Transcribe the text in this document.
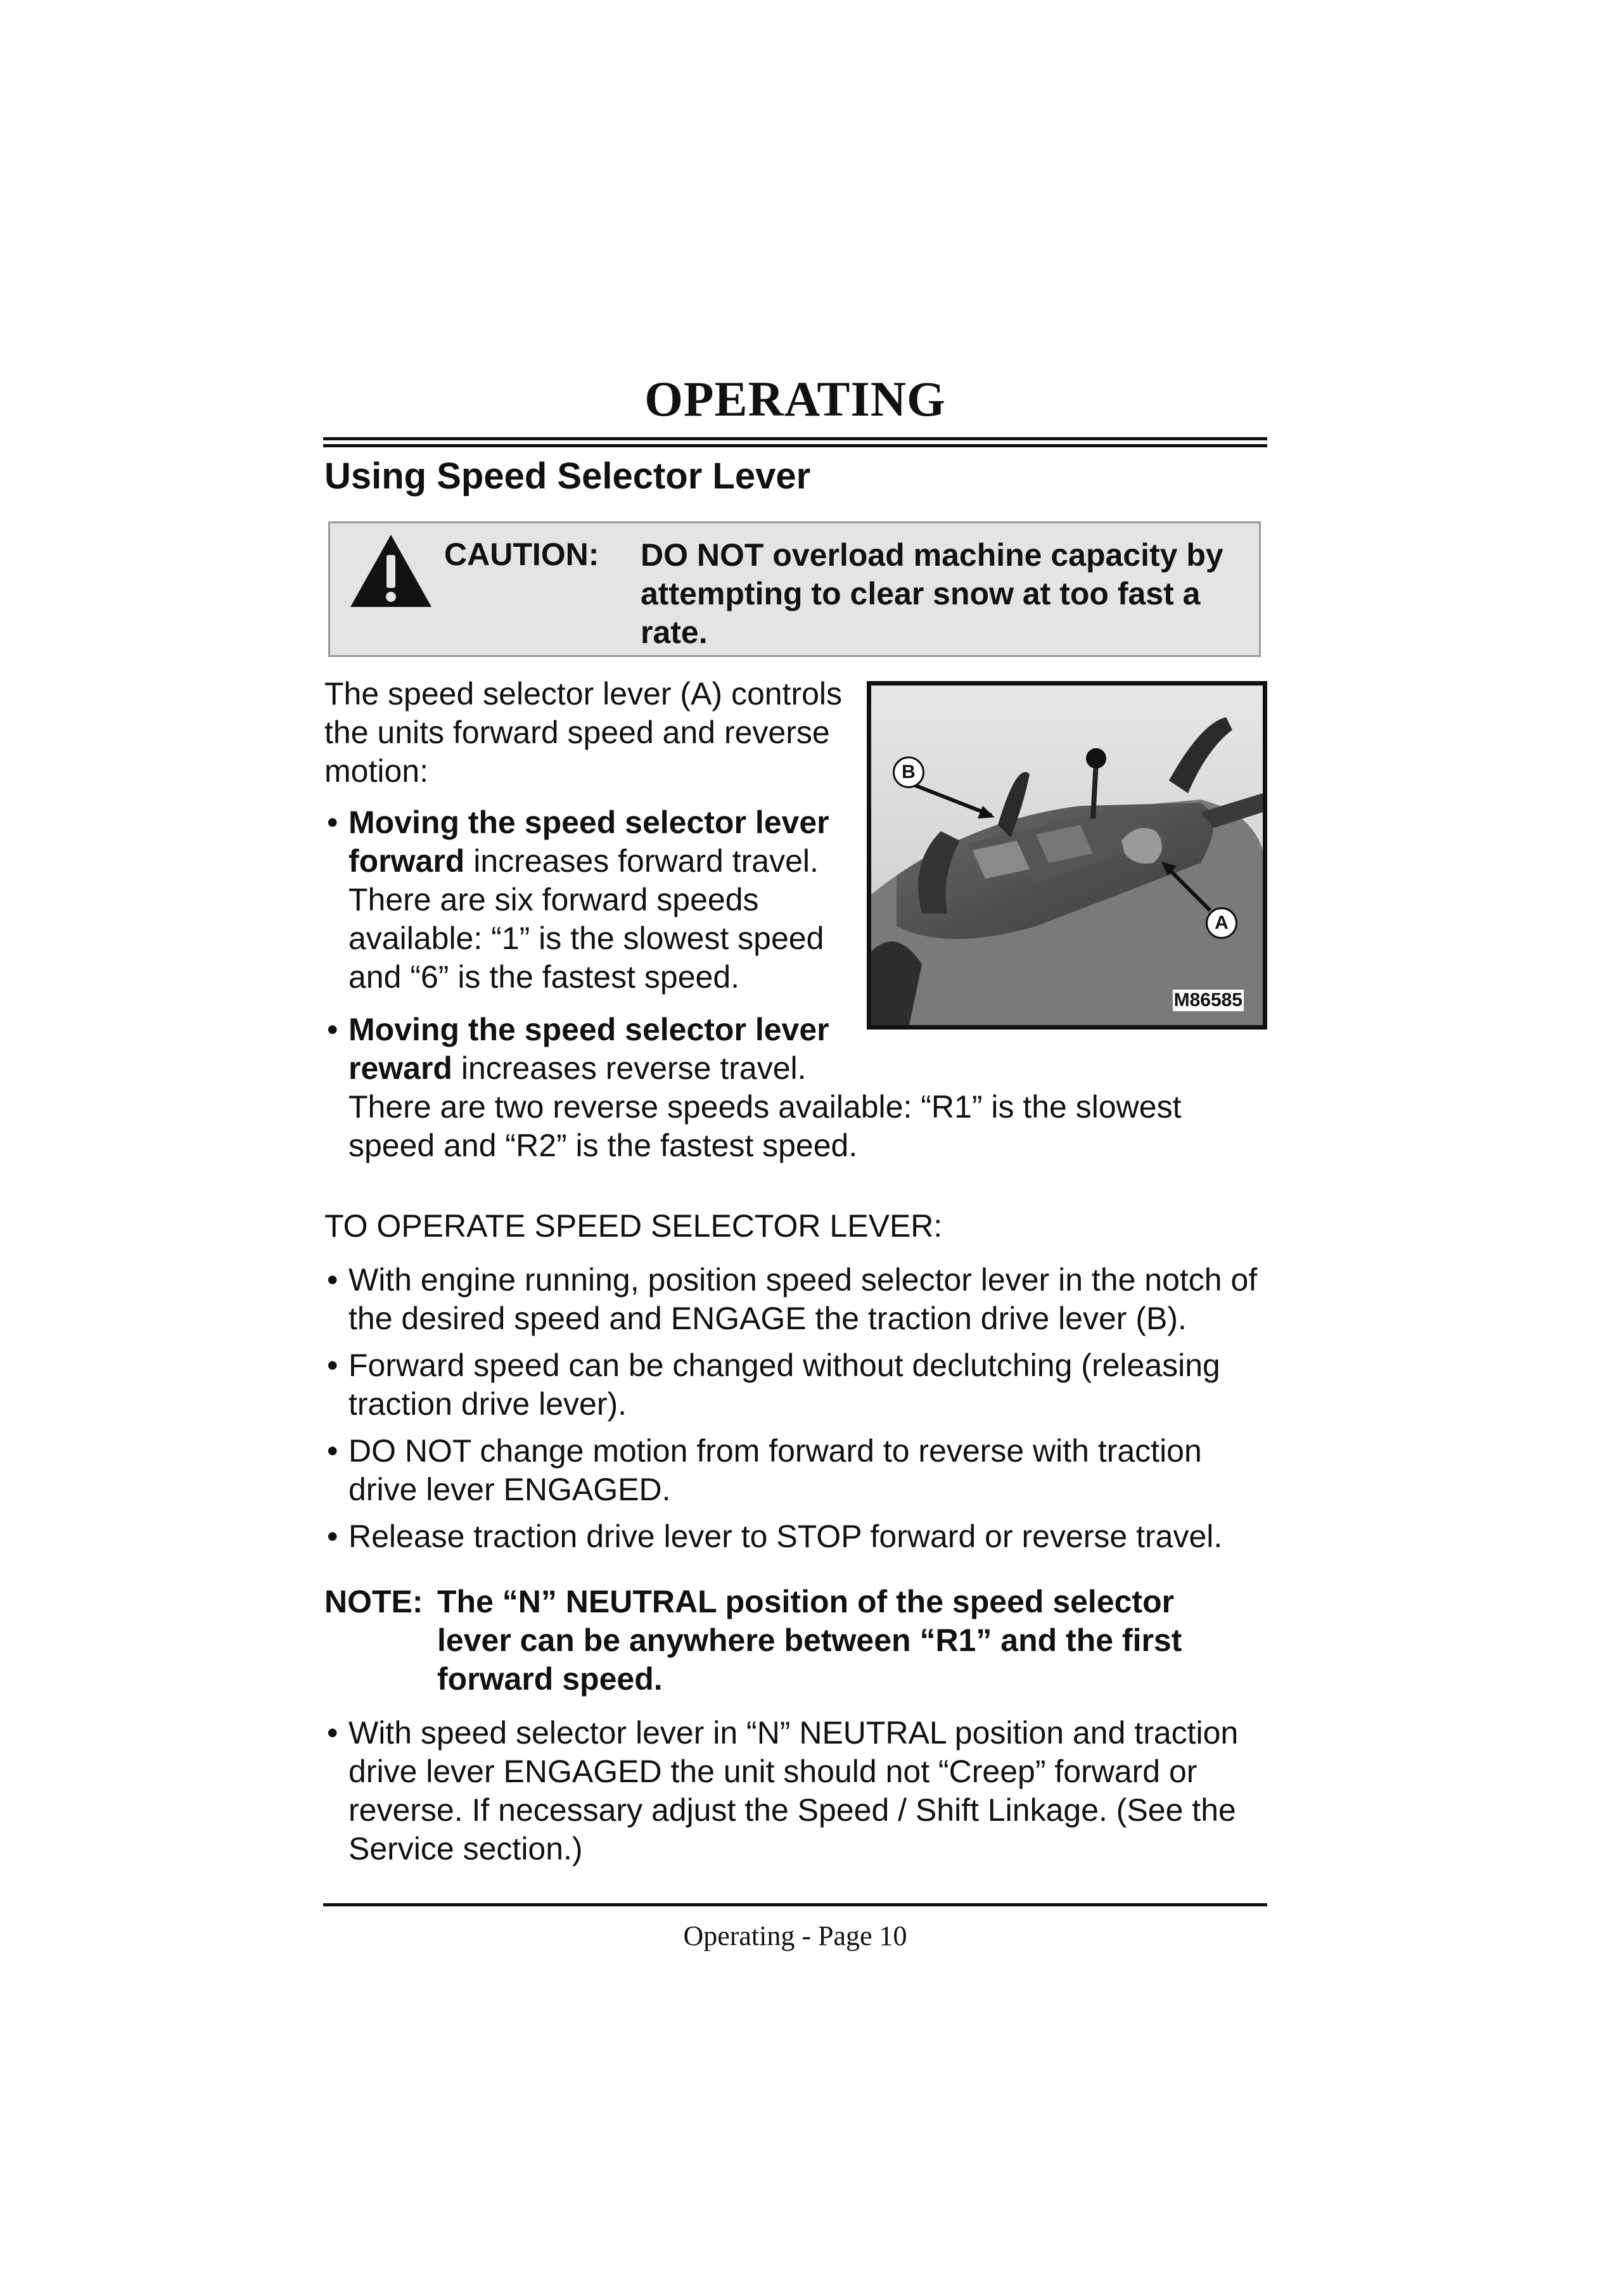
OPERATING
Using Speed Selector Lever
CAUTION: DO NOT overload machine capacity by attempting to clear snow at too fast a rate.
The speed selector lever (A) controls the units forward speed and reverse motion:
• Moving the speed selector lever forward increases forward travel. There are six forward speeds available: “1” is the slowest speed and “6” is the fastest speed.
• Moving the speed selector lever reward increases reverse travel.
There are two reverse speeds available: “R1” is the slowest speed and “R2” is the fastest speed.
B
A
M86585
TO OPERATE SPEED SELECTOR LEVER:
• With engine running, position speed selector lever in the notch of the desired speed and ENGAGE the traction drive lever (B).
• Forward speed can be changed without declutching (releasing traction drive lever).
• DO NOT change motion from forward to reverse with traction drive lever ENGAGED.
• Release traction drive lever to STOP forward or reverse travel.
NOTE: The “N” NEUTRAL position of the speed selector lever can be anywhere between “R1” and the first forward speed.
• With speed selector lever in “N” NEUTRAL position and traction drive lever ENGAGED the unit should not “Creep” forward or reverse. If necessary adjust the Speed / Shift Linkage. (See the Service section.)
Operating - Page 10
